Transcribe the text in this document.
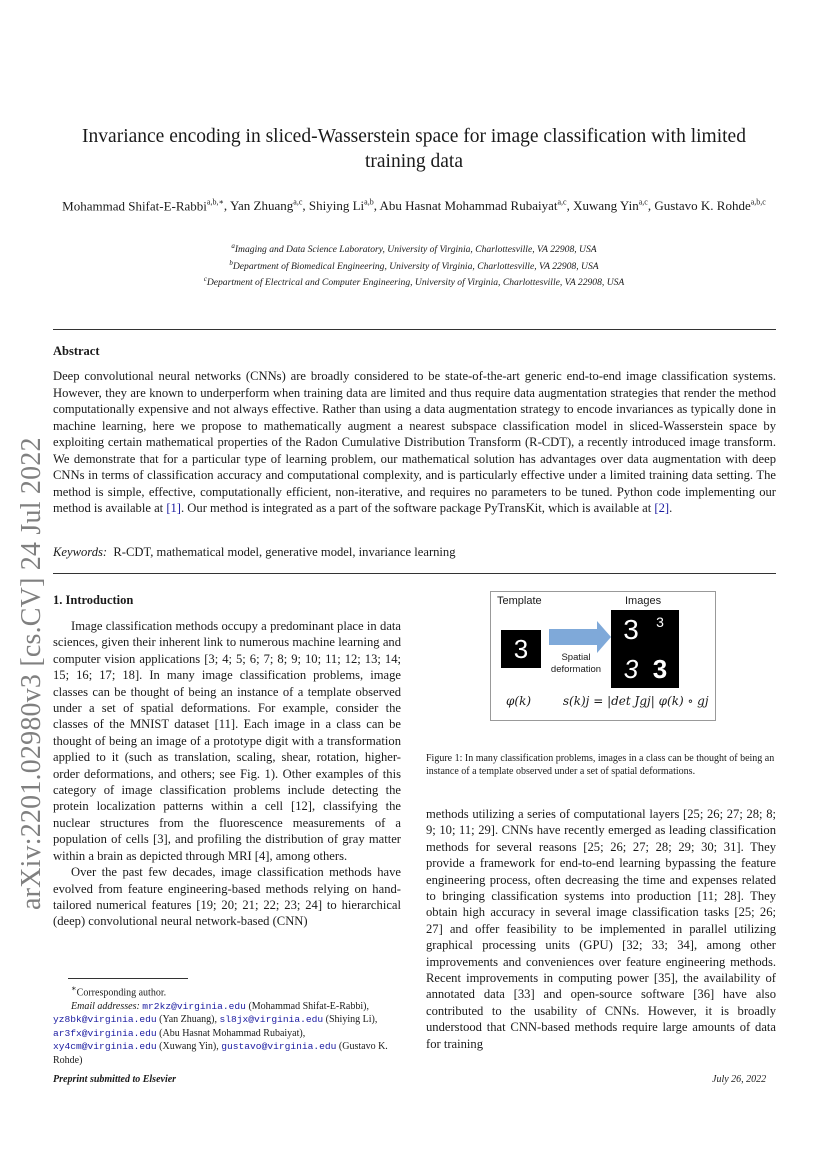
arXiv:2201.02980v3 [cs.CV] 24 Jul 2022
Invariance encoding in sliced-Wasserstein space for image classification with limited training data
Mohammad Shifat-E-Rabbi$^{a,b,∗}$, Yan Zhuang$^{a,c}$, Shiying Li$^{a,b}$, Abu Hasnat Mohammad Rubaiyat$^{a,c}$, Xuwang Yin$^{a,c}$, Gustavo K. Rohde$^{a,b,c}$
$^a$Imaging and Data Science Laboratory, University of Virginia, Charlottesville, VA 22908, USA
$^b$Department of Biomedical Engineering, University of Virginia, Charlottesville, VA 22908, USA
$^c$Department of Electrical and Computer Engineering, University of Virginia, Charlottesville, VA 22908, USA
Abstract
Deep convolutional neural networks (CNNs) are broadly considered to be state-of-the-art generic end-to-end image classification systems. However, they are known to underperform when training data are limited and thus require data augmentation strategies that render the method computationally expensive and not always effective. Rather than using a data augmentation strategy to encode invariances as typically done in machine learning, here we propose to mathematically augment a nearest subspace classification model in sliced-Wasserstein space by exploiting certain mathematical properties of the Radon Cumulative Distribution Transform (R-CDT), a recently introduced image transform. We demonstrate that for a particular type of learning problem, our mathematical solution has advantages over data augmentation with deep CNNs in terms of classification accuracy and computational complexity, and is particularly effective under a limited training data setting. The method is simple, effective, computationally efficient, non-iterative, and requires no parameters to be tuned. Python code implementing our method is available at [1]. Our method is integrated as a part of the software package PyTransKit, which is available at [2].
Keywords: R-CDT, mathematical model, generative model, invariance learning
1. Introduction

Image classification methods occupy a predominant place in data sciences, given their inherent link to numerous machine learning and computer vision applications [3; 4; 5; 6; 7; 8; 9; 10; 11; 12; 13; 14; 15; 16; 17; 18]. In many image classification problems, image classes can be thought of being an instance of a template observed under a set of spatial deformations. For example, consider the classes of the MNIST dataset [11]. Each image in a class can be thought of being an image of a prototype digit with a transformation applied to it (such as translation, scaling, shear, rotation, higher-order deformations, and others; see Fig. 1). Other examples of this category of image classification problems include detecting the protein localization patterns within a cell [12], classifying the nuclear structures from the fluorescence measurements of a population of cells [3], and profiling the distribution of gray matter within a brain as depicted through MRI [4], among others.

Over the past few decades, image classification methods have evolved from feature engineering-based methods relying on hand-tailored numerical features [19; 20; 21; 22; 23; 24] to hierarchical (deep) convolutional neural network-based (CNN)

Template	Images
3	Spatial deformation
3	3
3 3
φ(k)	s(k)j = |det Jgj| φ(k) ∘ gj
Figure 1: In many classification problems, images in a class can be thought of being an instance of a template observed under a set of spatial deformations.

methods utilizing a series of computational layers [25; 26; 27; 28; 8; 9; 10; 11; 29]. CNNs have recently emerged as leading classification methods for several reasons [25; 26; 27; 28; 29; 30; 31]. They provide a framework for end-to-end learning bypassing the feature engineering process, often decreasing the time and expenses related to bringing classification systems into production [11; 28]. They obtain high accuracy in several image classification tasks [25; 26; 27] and offer feasibility to be implemented in parallel utilizing graphical processing units (GPU) [32; 33; 34], among other improvements and conveniences over feature engineering methods. Recent improvements in computing power [35], the availability of annotated data [33] and open-source software [36] have also contributed to the usability of CNNs. However, it is broadly understood that CNN-based methods require large amounts of data for training

∗Corresponding author.
Email addresses: mr2kz@virginia.edu (Mohammad Shifat-E-Rabbi), yz8bk@virginia.edu (Yan Zhuang), sl8jx@virginia.edu (Shiying Li), ar3fx@virginia.edu (Abu Hasnat Mohammad Rubaiyat), xy4cm@virginia.edu (Xuwang Yin), gustavo@virginia.edu (Gustavo K. Rohde)
Preprint submitted to Elsevier	July 26, 2022
